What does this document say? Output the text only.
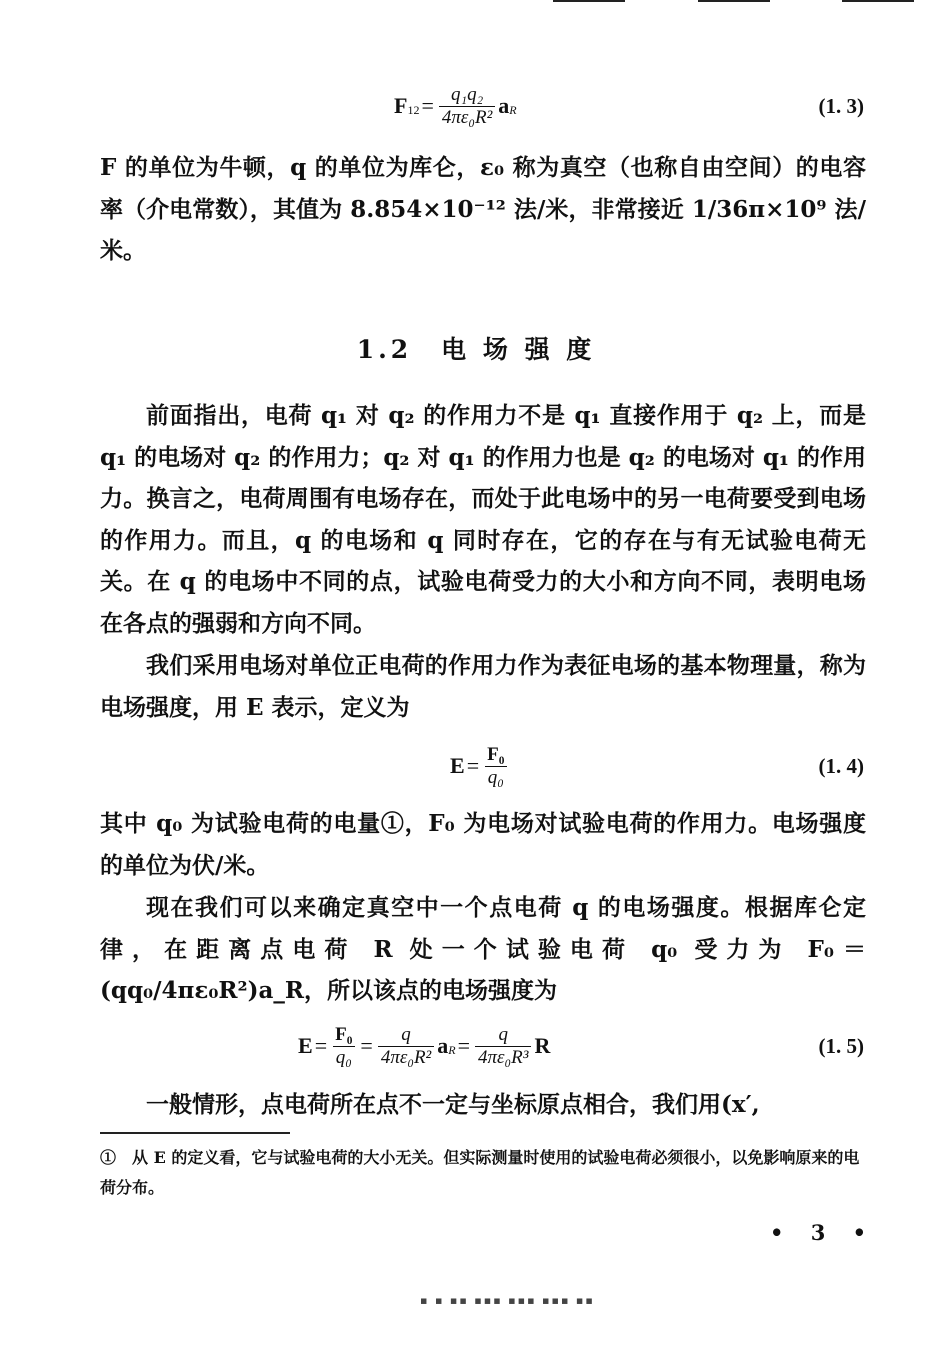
F $12 = \frac{\text{q₁q₂}}{\text{4πε₀R²}}$ a R	(1. 3)

F 的单位为牛顿，q 的单位为库仑，ε₀ 称为真空（也称自由空间）的电容率（介电常数），其值为 8.854×10⁻¹² 法/米，非常接近 1/36π×10⁹ 法/米。

1.2　电 场 强 度

前面指出，电荷 q₁ 对 q₂ 的作用力不是 q₁ 直接作用于 q₂ 上，而是 q₁ 的电场对 q₂ 的作用力；q₂ 对 q₁ 的作用力也是 q₂ 的电场对 q₁ 的作用力。换言之，电荷周围有电场存在，而处于此电场中的另一电荷要受到电场的作用力。而且，q 的电场和 q 同时存在，它的存在与有无试验电荷无关。在 q 的电场中不同的点，试验电荷受力的大小和方向不同，表明电场在各点的强弱和方向不同。

我们采用电场对单位正电荷的作用力作为表征电场的基本物理量，称为电场强度，用 E 表示，定义为

$E = \frac{\text{F₀}}{\text{q₀}}$	(1. 4)

其中 q₀ 为试验电荷的电量①，F₀ 为电场对试验电荷的作用力。电场强度的单位为伏/米。

现在我们可以来确定真空中一个点电荷 q 的电场强度。根据库仑定律，在距离点电荷 R 处一个试验电荷 q₀ 受力为 F₀＝(qq₀/4πε₀R²)a_R，所以该点的电场强度为

$E = \frac{\text{F₀}}{\text{q₀}} = \frac{q}{\text{4πε₀R²}}$ a $R = \frac{q}{\text{4πε₀R³}}$ R	(1. 5)

一般情形，点电荷所在点不一定与坐标原点相合，我们用(x′,

①　从 E 的定义看，它与试验电荷的大小无关。但实际测量时使用的试验电荷必须很小，以免影响原来的电荷分布。

• 3 •
▪ ▪ ▪▪ ▪▪▪ ▪▪▪ ▪▪▪ ▪▪
